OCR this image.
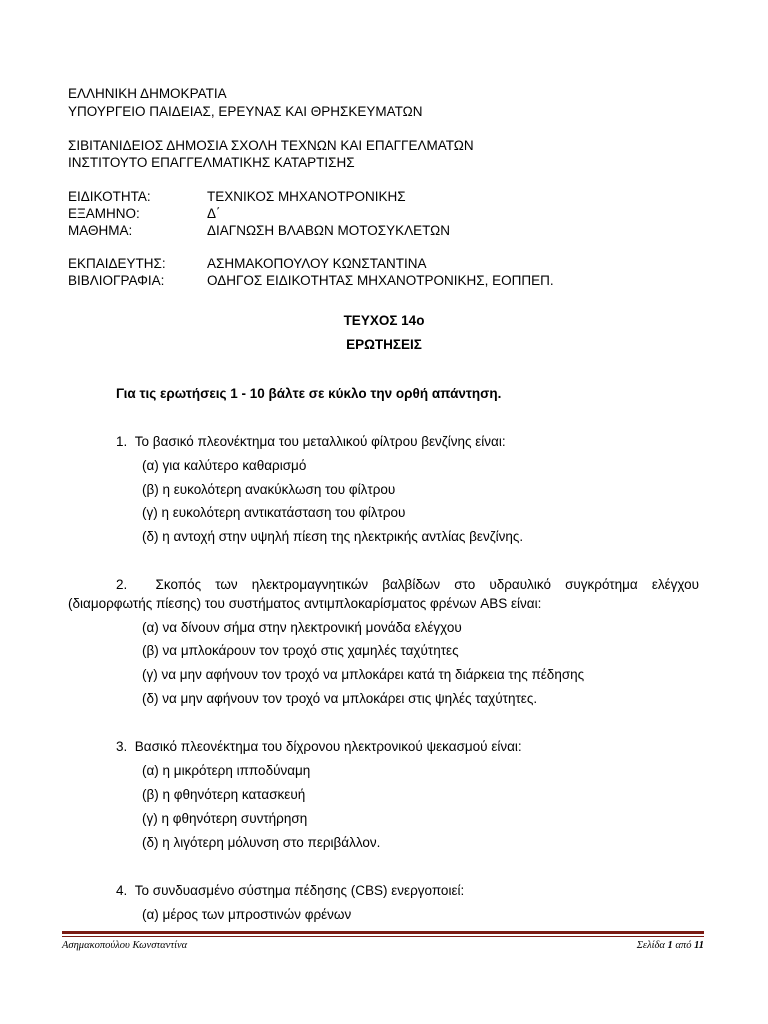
ΕΛΛΗΝΙΚΗ ΔΗΜΟΚΡΑΤΙΑ
ΥΠΟΥΡΓΕΙΟ ΠΑΙΔΕΙΑΣ, ΕΡΕΥΝΑΣ ΚΑΙ ΘΡΗΣΚΕΥΜΑΤΩΝ
ΣΙΒΙΤΑΝΙΔΕΙΟΣ ΔΗΜΟΣΙΑ ΣΧΟΛΗ ΤΕΧΝΩΝ ΚΑΙ ΕΠΑΓΓΕΛΜΑΤΩΝ
ΙΝΣΤΙΤΟΥΤΟ ΕΠΑΓΓΕΛΜΑΤΙΚΗΣ ΚΑΤΑΡΤΙΣΗΣ
ΕΙΔΙΚΟΤΗΤΑ:	ΤΕΧΝΙΚΟΣ ΜΗΧΑΝΟΤΡΟΝΙΚΗΣ
ΕΞΑΜΗΝΟ:	Δ΄
ΜΑΘΗΜΑ:	ΔΙΑΓΝΩΣΗ ΒΛΑΒΩΝ ΜΟΤΟΣΥΚΛΕΤΩΝ
ΕΚΠΑΙΔΕΥΤΗΣ:	ΑΣΗΜΑΚΟΠΟΥΛΟΥ ΚΩΝΣΤΑΝΤΙΝΑ
ΒΙΒΛΙΟΓΡΑΦΙΑ:	ΟΔΗΓΟΣ ΕΙΔΙΚΟΤΗΤΑΣ ΜΗΧΑΝΟΤΡΟΝΙΚΗΣ, ΕΟΠΠΕΠ.
ΤΕΥΧΟΣ 14ο
ΕΡΩΤΗΣΕΙΣ
Για τις ερωτήσεις 1 - 10 βάλτε σε κύκλο την ορθή απάντηση.
1. Το βασικό πλεονέκτημα του μεταλλικού φίλτρου βενζίνης είναι:
(α) για καλύτερο καθαρισμό
(β) η ευκολότερη ανακύκλωση του φίλτρου
(γ) η ευκολότερη αντικατάσταση του φίλτρου
(δ) η αντοχή στην υψηλή πίεση της ηλεκτρικής αντλίας βενζίνης.
2. Σκοπός των ηλεκτρομαγνητικών βαλβίδων στο υδραυλικό συγκρότημα ελέγχου
(διαμορφωτής πίεσης) του συστήματος αντιμπλοκαρίσματος φρένων ABS είναι:
(α) να δίνουν σήμα στην ηλεκτρονική μονάδα ελέγχου
(β) να μπλοκάρουν τον τροχό στις χαμηλές ταχύτητες
(γ) να μην αφήνουν τον τροχό να μπλοκάρει κατά τη διάρκεια της πέδησης
(δ) να μην αφήνουν τον τροχό να μπλοκάρει στις ψηλές ταχύτητες.
3. Βασικό πλεονέκτημα του δίχρονου ηλεκτρονικού ψεκασμού είναι:
(α) η μικρότερη ιπποδύναμη
(β) η φθηνότερη κατασκευή
(γ) η φθηνότερη συντήρηση
(δ) η λιγότερη μόλυνση στο περιβάλλον.
4. Το συνδυασμένο σύστημα πέδησης (CBS) ενεργοποιεί:
(α) μέρος των μπροστινών φρένων
Ασημακοπούλου Κωνσταντίνα	Σελίδα 1 από 11
